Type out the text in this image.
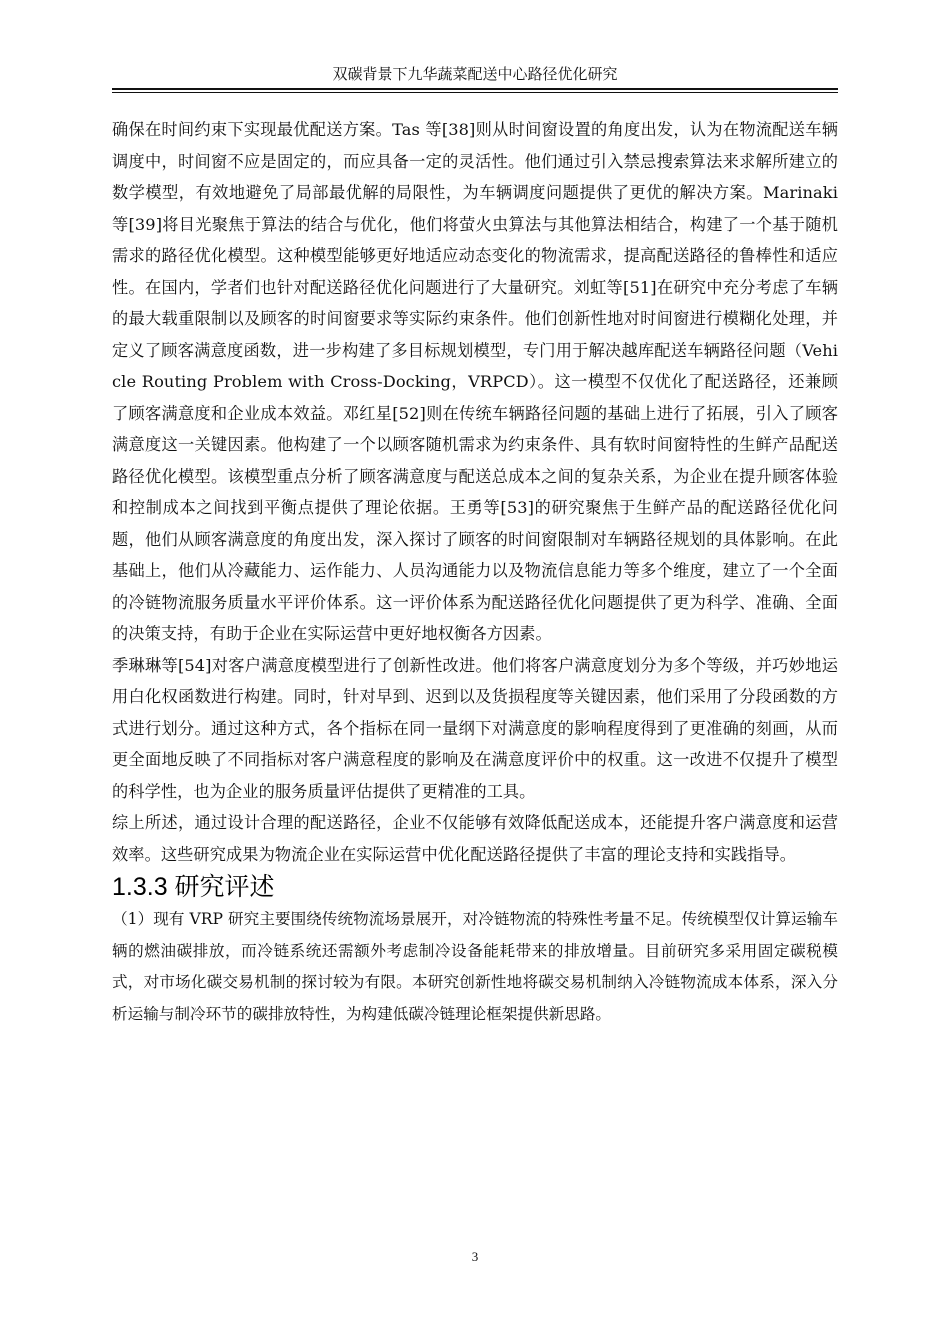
双碳背景下九华蔬菜配送中心路径优化研究

确保在时间约束下实现最优配送方案。Tas 等[38]则从时间窗设置的角度出发，认为在物流配送车辆调度中，时间窗不应是固定的，而应具备一定的灵活性。他们通过引入禁忌搜索算法来求解所建立的数学模型，有效地避免了局部最优解的局限性，为车辆调度问题提供了更优的解决方案。Marinaki 等[39]将目光聚焦于算法的结合与优化，他们将萤火虫算法与其他算法相结合，构建了一个基于随机需求的路径优化模型。这种模型能够更好地适应动态变化的物流需求，提高配送路径的鲁棒性和适应性。在国内，学者们也针对配送路径优化问题进行了大量研究。刘虹等[51]在研究中充分考虑了车辆的最大载重限制以及顾客的时间窗要求等实际约束条件。他们创新性地对时间窗进行模糊化处理，并定义了顾客满意度函数，进一步构建了多目标规划模型，专门用于解决越库配送车辆路径问题（Vehicle Routing Problem with Cross-Docking，VRPCD）。这一模型不仅优化了配送路径，还兼顾了顾客满意度和企业成本效益。邓红星[52]则在传统车辆路径问题的基础上进行了拓展，引入了顾客满意度这一关键因素。他构建了一个以顾客随机需求为约束条件、具有软时间窗特性的生鲜产品配送路径优化模型。该模型重点分析了顾客满意度与配送总成本之间的复杂关系，为企业在提升顾客体验和控制成本之间找到平衡点提供了理论依据。王勇等[53]的研究聚焦于生鲜产品的配送路径优化问题，他们从顾客满意度的角度出发，深入探讨了顾客的时间窗限制对车辆路径规划的具体影响。在此基础上，他们从冷藏能力、运作能力、人员沟通能力以及物流信息能力等多个维度，建立了一个全面的冷链物流服务质量水平评价体系。这一评价体系为配送路径优化问题提供了更为科学、准确、全面的决策支持，有助于企业在实际运营中更好地权衡各方因素。

季琳琳等[54]对客户满意度模型进行了创新性改进。他们将客户满意度划分为多个等级，并巧妙地运用白化权函数进行构建。同时，针对早到、迟到以及货损程度等关键因素，他们采用了分段函数的方式进行划分。通过这种方式，各个指标在同一量纲下对满意度的影响程度得到了更准确的刻画，从而更全面地反映了不同指标对客户满意程度的影响及在满意度评价中的权重。这一改进不仅提升了模型的科学性，也为企业的服务质量评估提供了更精准的工具。

综上所述，通过设计合理的配送路径，企业不仅能够有效降低配送成本，还能提升客户满意度和运营效率。这些研究成果为物流企业在实际运营中优化配送路径提供了丰富的理论支持和实践指导。

1.3.3 研究评述

（1）现有 VRP 研究主要围绕传统物流场景展开，对冷链物流的特殊性考量不足。传统模型仅计算运输车辆的燃油碳排放，而冷链系统还需额外考虑制冷设备能耗带来的排放增量。目前研究多采用固定碳税模式，对市场化碳交易机制的探讨较为有限。本研究创新性地将碳交易机制纳入冷链物流成本体系，深入分析运输与制冷环节的碳排放特性，为构建低碳冷链理论框架提供新思路。

3
